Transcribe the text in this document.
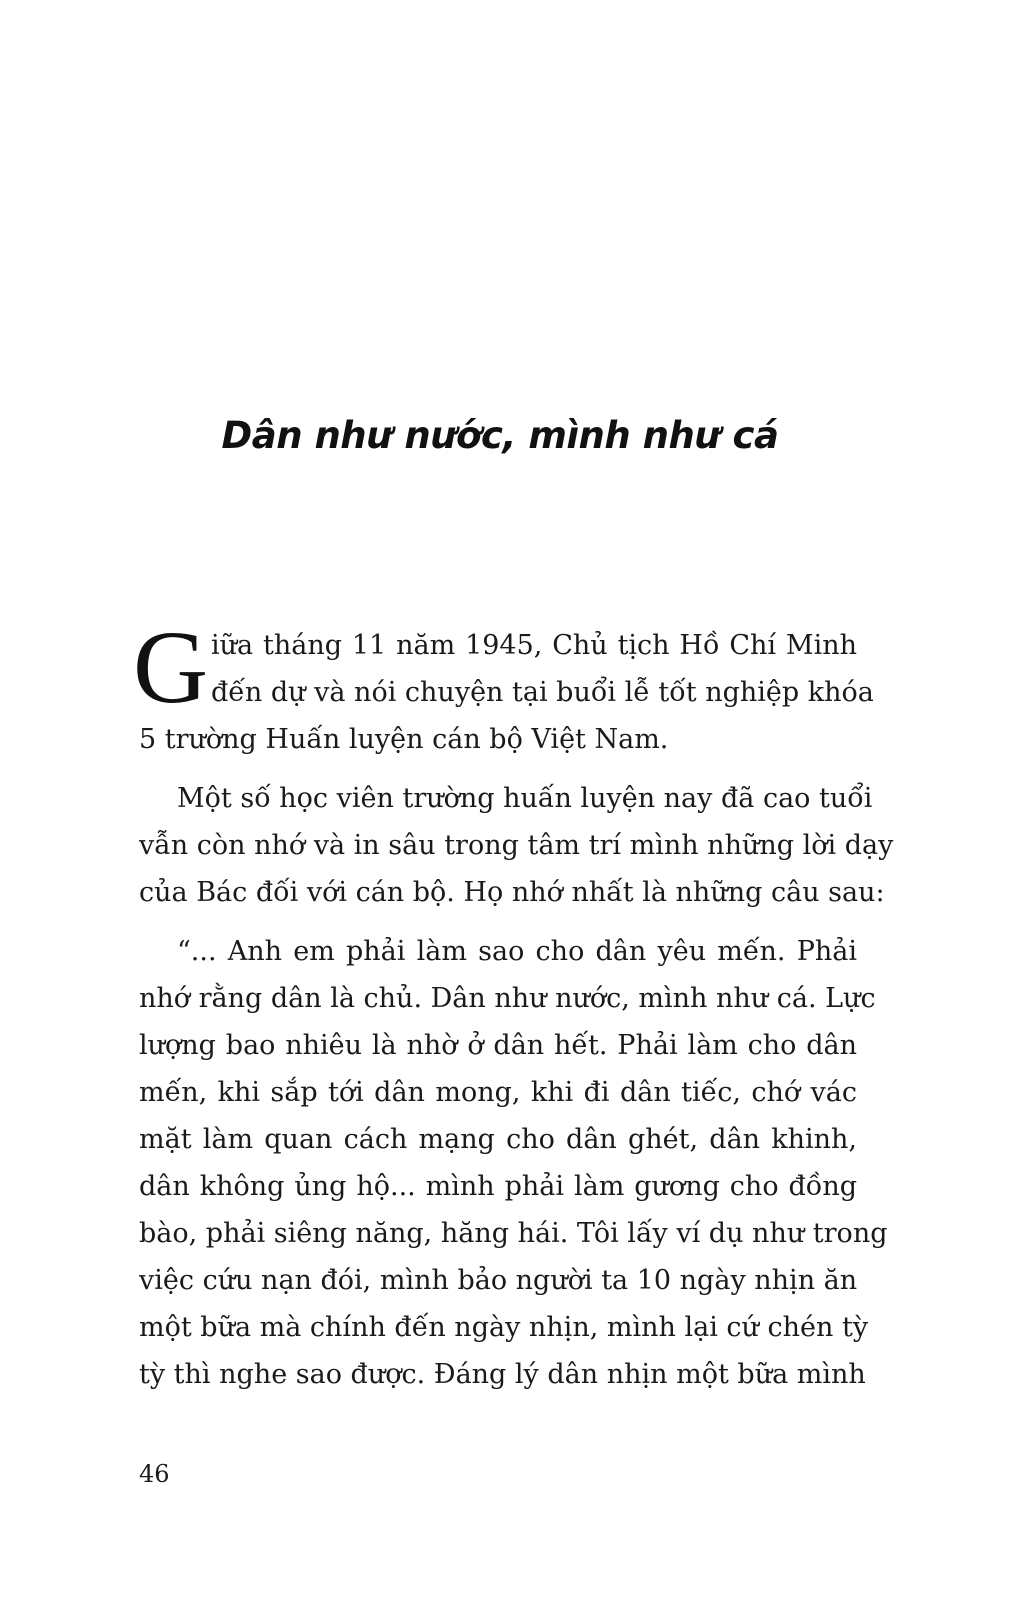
Dân như nước, mình như cá
G iữa tháng 11 năm 1945, Chủ tịch Hồ Chí Minh
đến dự và nói chuyện tại buổi lễ tốt nghiệp khóa
5 trường Huấn luyện cán bộ Việt Nam.
Một số học viên trường huấn luyện nay đã cao tuổi
vẫn còn nhớ và in sâu trong tâm trí mình những lời dạy
của Bác đối với cán bộ. Họ nhớ nhất là những câu sau:
“... Anh em phải làm sao cho dân yêu mến. Phải
nhớ rằng dân là chủ. Dân như nước, mình như cá. Lực
lượng bao nhiêu là nhờ ở dân hết. Phải làm cho dân
mến, khi sắp tới dân mong, khi đi dân tiếc, chớ vác
mặt làm quan cách mạng cho dân ghét, dân khinh,
dân không ủng hộ... mình phải làm gương cho đồng
bào, phải siêng năng, hăng hái. Tôi lấy ví dụ như trong
việc cứu nạn đói, mình bảo người ta 10 ngày nhịn ăn
một bữa mà chính đến ngày nhịn, mình lại cứ chén tỳ
tỳ thì nghe sao được. Đáng lý dân nhịn một bữa mình
46
